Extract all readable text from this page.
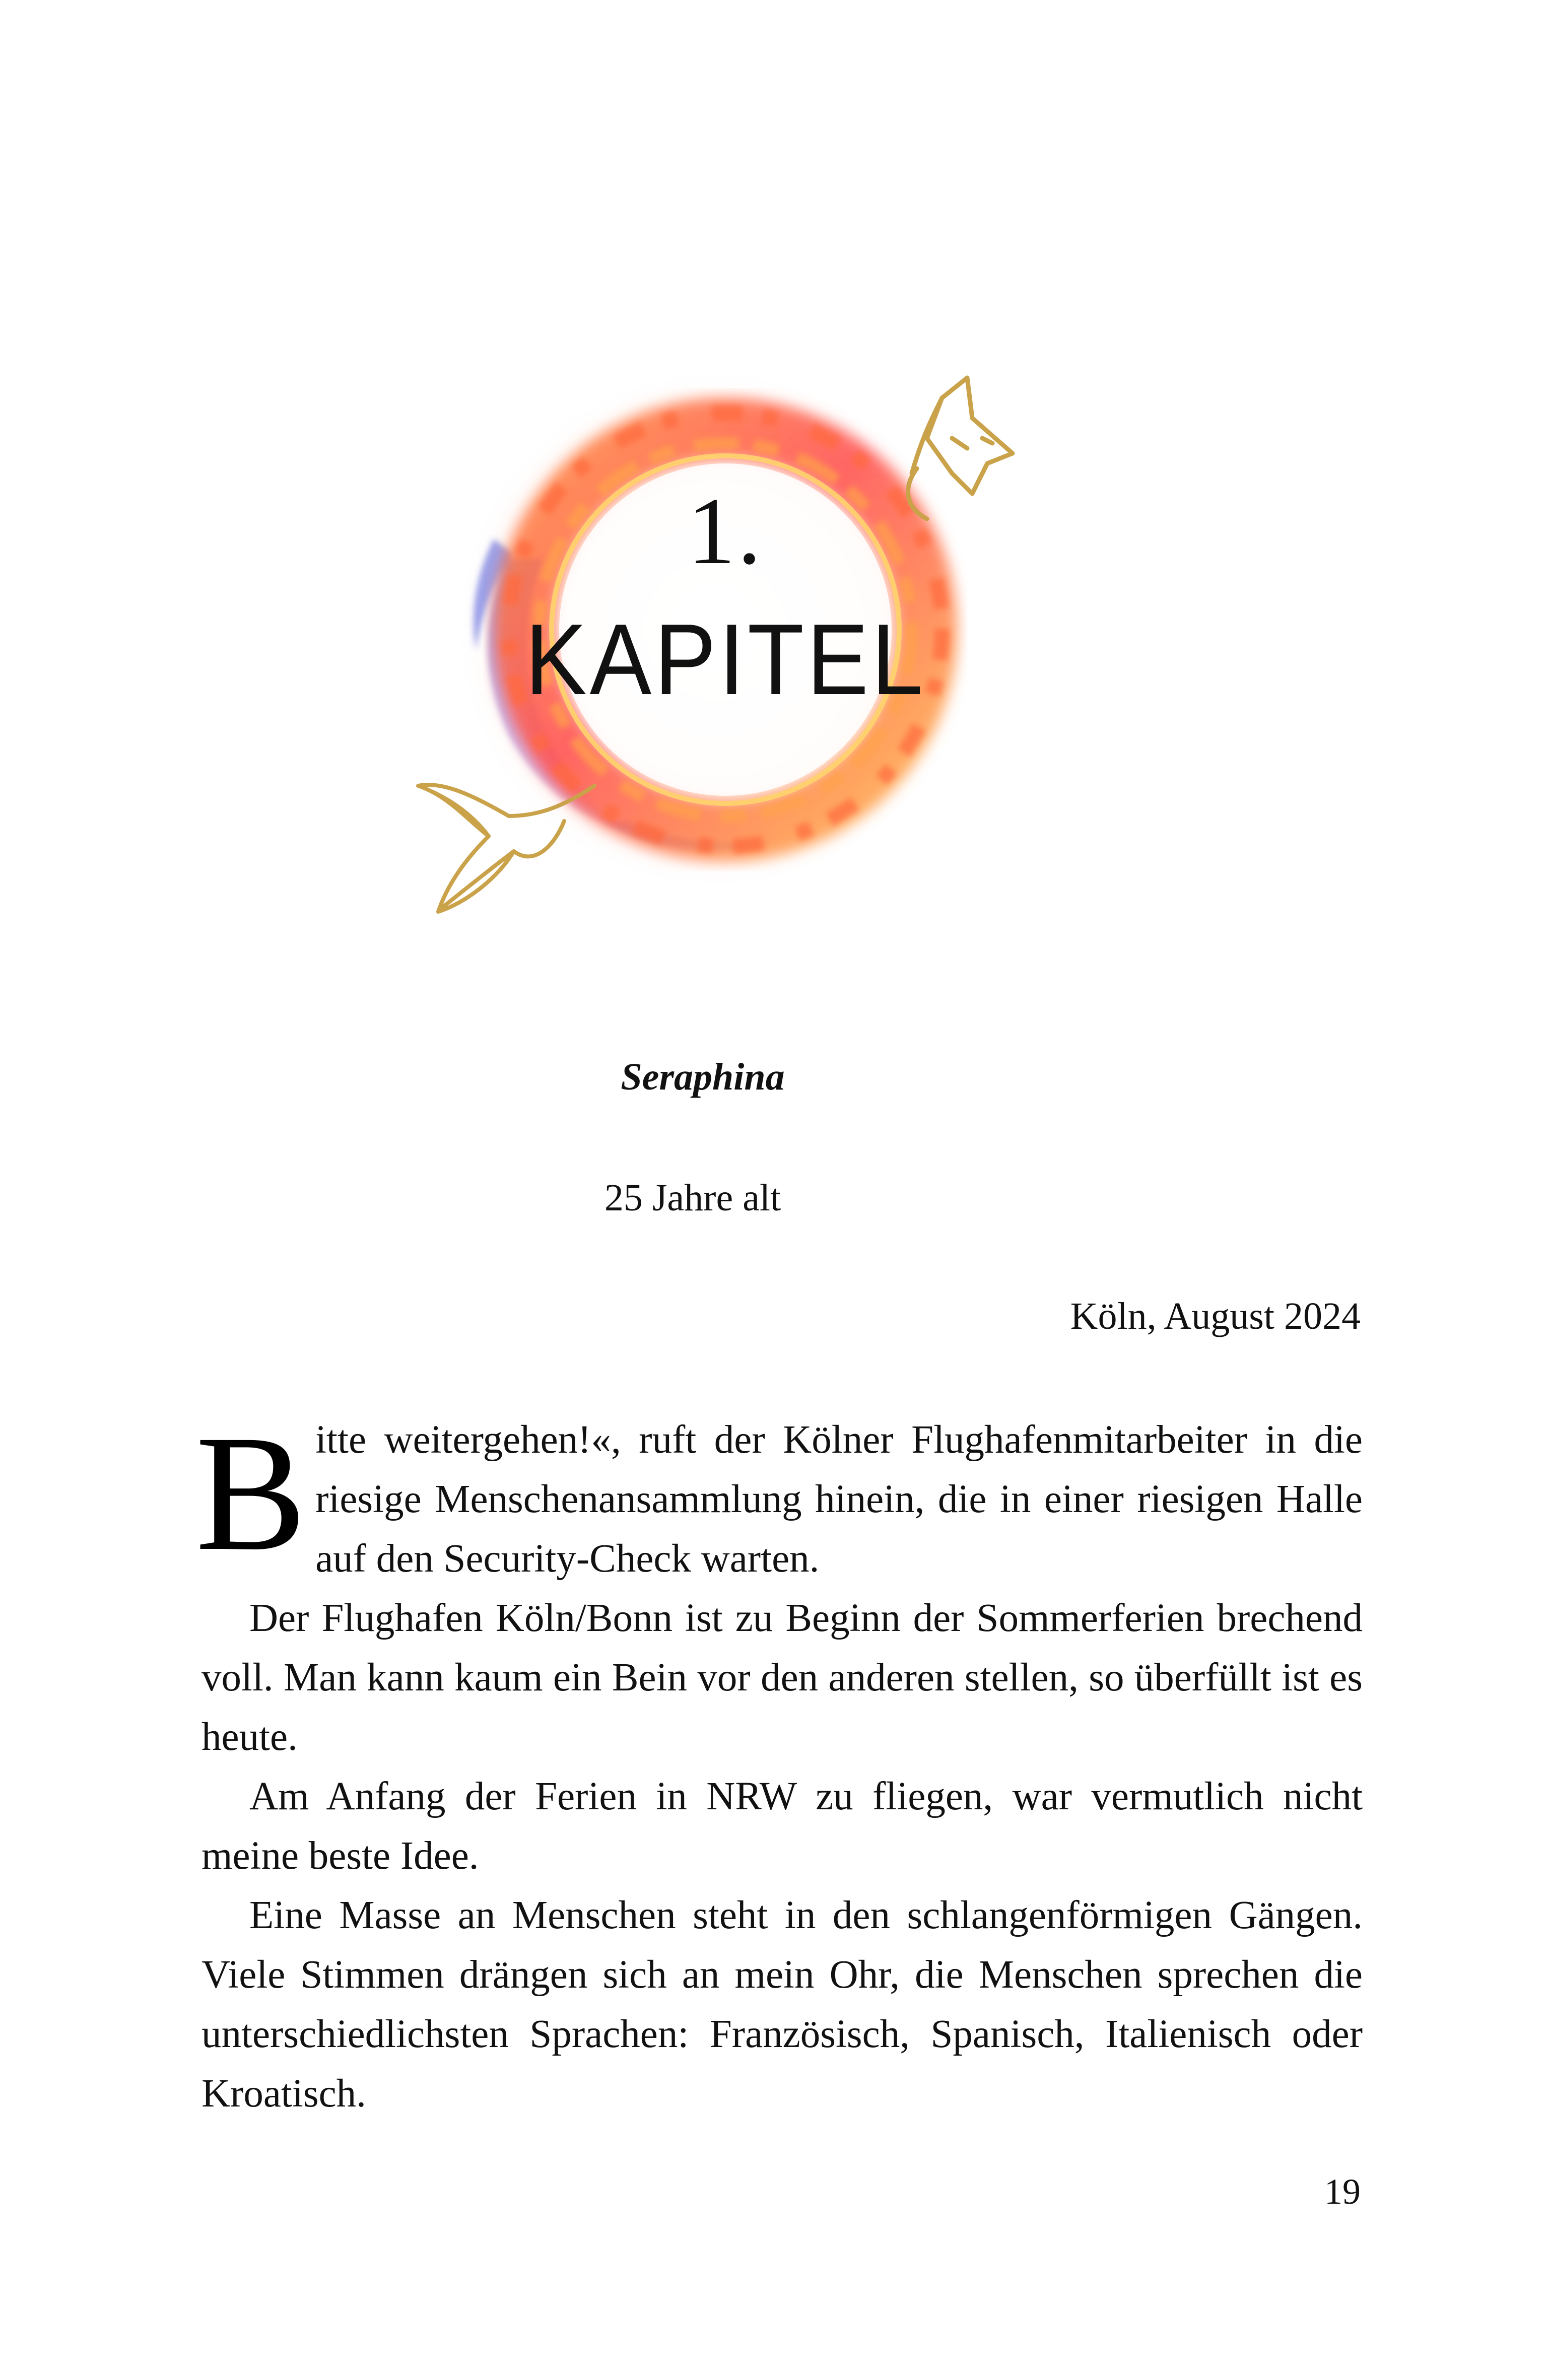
1.
KAPITEL
Seraphina
25 Jahre alt
Köln, August 2024

Bitte weitergehen!«, ruft der Kölner Flughafenmitarbeiter in die riesige Menschenansammlung hinein, die in einer riesigen Halle auf den Security-Check warten.

Der Flughafen Köln/Bonn ist zu Beginn der Sommerferien brechend voll. Man kann kaum ein Bein vor den anderen stellen, so überfüllt ist es heute.

Am Anfang der Ferien in NRW zu fliegen, war vermutlich nicht meine beste Idee.

Eine Masse an Menschen steht in den schlangenförmigen Gängen. Viele Stimmen drängen sich an mein Ohr, die Menschen sprechen die unterschiedlichsten Sprachen: Französisch, Spanisch, Italienisch oder Kroatisch.

19
